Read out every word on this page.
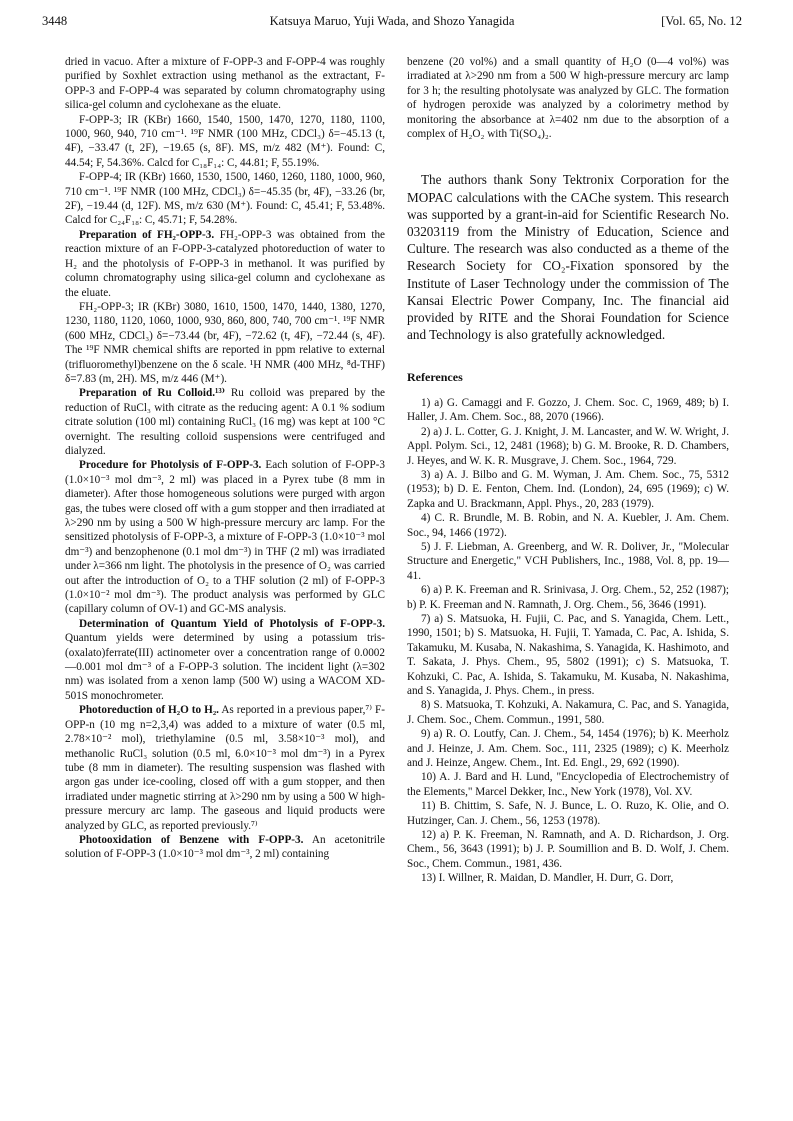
3448	Katsuya Maruo, Yuji Wada, and Shozo Yanagida	[Vol. 65, No. 12

dried in vacuo. After a mixture of F-OPP-3 and F-OPP-4 was roughly purified by Soxhlet extraction using methanol as the extractant, F-OPP-3 and F-OPP-4 was separated by column chromatography using silica-gel column and cyclohexane as the eluate.

F-OPP-3; IR (KBr) 1660, 1540, 1500, 1470, 1270, 1180, 1100, 1000, 960, 940, 710 cm⁻¹. ¹⁹F NMR (100 MHz, CDCl₃) δ=−45.13 (t, 4F), −33.47 (t, 2F), −19.65 (s, 8F). MS, m/z 482 (M⁺). Found: C, 44.54; F, 54.36%. Calcd for C₁₈F₁₄: C, 44.81; F, 55.19%.

F-OPP-4; IR (KBr) 1660, 1530, 1500, 1460, 1260, 1180, 1000, 960, 710 cm⁻¹. ¹⁹F NMR (100 MHz, CDCl₃) δ=−45.35 (br, 4F), −33.26 (br, 2F), −19.44 (d, 12F). MS, m/z 630 (M⁺). Found: C, 45.41; F, 53.48%. Calcd for C₂₄F₁₈: C, 45.71; F, 54.28%.

Preparation of FH₂-OPP-3. FH₂-OPP-3 was obtained from the reaction mixture of an F-OPP-3-catalyzed photoreduction of water to H₂ and the photolysis of F-OPP-3 in methanol. It was purified by column chromatography using silica-gel column and cyclohexane as the eluate.

FH₂-OPP-3; IR (KBr) 3080, 1610, 1500, 1470, 1440, 1380, 1270, 1230, 1180, 1120, 1060, 1000, 930, 860, 800, 740, 700 cm⁻¹. ¹⁹F NMR (600 MHz, CDCl₃) δ=−73.44 (br, 4F), −72.62 (t, 4F), −72.44 (s, 4F). The ¹⁹F NMR chemical shifts are reported in ppm relative to external (trifluoromethyl)benzene on the δ scale. ¹H NMR (400 MHz, ⁸d-THF) δ=7.83 (m, 2H). MS, m/z 446 (M⁺).

Preparation of Ru Colloid.¹³⁾ Ru colloid was prepared by the reduction of RuCl₃ with citrate as the reducing agent: A 0.1 % sodium citrate solution (100 ml) containing RuCl₃ (16 mg) was kept at 100 °C overnight. The resulting colloid suspensions were centrifuged and dialyzed.

Procedure for Photolysis of F-OPP-3. Each solution of F-OPP-3 (1.0×10⁻³ mol dm⁻³, 2 ml) was placed in a Pyrex tube (8 mm in diameter). After those homogeneous solutions were purged with argon gas, the tubes were closed off with a gum stopper and then irradiated at λ>290 nm by using a 500 W high-pressure mercury arc lamp. For the sensitized photolysis of F-OPP-3, a mixture of F-OPP-3 (1.0×10⁻³ mol dm⁻³) and benzophenone (0.1 mol dm⁻³) in THF (2 ml) was irradiated under λ=366 nm light. The photolysis in the presence of O₂ was carried out after the introduction of O₂ to a THF solution (2 ml) of F-OPP-3 (1.0×10⁻² mol dm⁻³). The product analysis was performed by GLC (capillary column of OV-1) and GC-MS analysis.

Determination of Quantum Yield of Photolysis of F-OPP-3. Quantum yields were determined by using a potassium tris-(oxalato)ferrate(III) actinometer over a concentration range of 0.0002—0.001 mol dm⁻³ of a F-OPP-3 solution. The incident light (λ=302 nm) was isolated from a xenon lamp (500 W) using a WACOM XD-501S monochrometer.

Photoreduction of H₂O to H₂. As reported in a previous paper,⁷⁾ F-OPP-n (10 mg n=2,3,4) was added to a mixture of water (0.5 ml, 2.78×10⁻² mol), triethylamine (0.5 ml, 3.58×10⁻³ mol), and methanolic RuCl₃ solution (0.5 ml, 6.0×10⁻³ mol dm⁻³) in a Pyrex tube (8 mm in diameter). The resulting suspension was flashed with argon gas under ice-cooling, closed off with a gum stopper, and then irradiated under magnetic stirring at λ>290 nm by using a 500 W high-pressure mercury arc lamp. The gaseous and liquid products were analyzed by GLC, as reported previously.⁷⁾

Photooxidation of Benzene with F-OPP-3. An acetonitrile solution of F-OPP-3 (1.0×10⁻³ mol dm⁻³, 2 ml) containing

benzene (20 vol%) and a small quantity of H₂O (0—4 vol%) was irradiated at λ>290 nm from a 500 W high-pressure mercury arc lamp for 3 h; the resulting photolysate was analyzed by GLC. The formation of hydrogen peroxide was analyzed by a colorimetry method by monitoring the absorbance at λ=402 nm due to the absorption of a complex of H₂O₂ with Ti(SO₄)₂.

The authors thank Sony Tektronix Corporation for the MOPAC calculations with the CAChe system. This research was supported by a grant-in-aid for Scientific Research No. 03203119 from the Ministry of Education, Science and Culture. The research was also conducted as a theme of the Research Society for CO₂-Fixation sponsored by the Institute of Laser Technology under the commission of The Kansai Electric Power Company, Inc. The financial aid provided by RITE and the Shorai Foundation for Science and Technology is also gratefully acknowledged.

References

1) a) G. Camaggi and F. Gozzo, J. Chem. Soc. C, 1969, 489; b) I. Haller, J. Am. Chem. Soc., 88, 2070 (1966).

2) a) J. L. Cotter, G. J. Knight, J. M. Lancaster, and W. W. Wright, J. Appl. Polym. Sci., 12, 2481 (1968); b) G. M. Brooke, R. D. Chambers, J. Heyes, and W. K. R. Musgrave, J. Chem. Soc., 1964, 729.

3) a) A. J. Bilbo and G. M. Wyman, J. Am. Chem. Soc., 75, 5312 (1953); b) D. E. Fenton, Chem. Ind. (London), 24, 695 (1969); c) W. Zapka and U. Brackmann, Appl. Phys., 20, 283 (1979).

4) C. R. Brundle, M. B. Robin, and N. A. Kuebler, J. Am. Chem. Soc., 94, 1466 (1972).

5) J. F. Liebman, A. Greenberg, and W. R. Doliver, Jr., "Molecular Structure and Energetic," VCH Publishers, Inc., 1988, Vol. 8, pp. 19—41.

6) a) P. K. Freeman and R. Srinivasa, J. Org. Chem., 52, 252 (1987); b) P. K. Freeman and N. Ramnath, J. Org. Chem., 56, 3646 (1991).

7) a) S. Matsuoka, H. Fujii, C. Pac, and S. Yanagida, Chem. Lett., 1990, 1501; b) S. Matsuoka, H. Fujii, T. Yamada, C. Pac, A. Ishida, S. Takamuku, M. Kusaba, N. Nakashima, S. Yanagida, K. Hashimoto, and T. Sakata, J. Phys. Chem., 95, 5802 (1991); c) S. Matsuoka, T. Kohzuki, C. Pac, A. Ishida, S. Takamuku, M. Kusaba, N. Nakashima, and S. Yanagida, J. Phys. Chem., in press.

8) S. Matsuoka, T. Kohzuki, A. Nakamura, C. Pac, and S. Yanagida, J. Chem. Soc., Chem. Commun., 1991, 580.

9) a) R. O. Loutfy, Can. J. Chem., 54, 1454 (1976); b) K. Meerholz and J. Heinze, J. Am. Chem. Soc., 111, 2325 (1989); c) K. Meerholz and J. Heinze, Angew. Chem., Int. Ed. Engl., 29, 692 (1990).

10) A. J. Bard and H. Lund, "Encyclopedia of Electrochemistry of the Elements," Marcel Dekker, Inc., New York (1978), Vol. XV.

11) B. Chittim, S. Safe, N. J. Bunce, L. O. Ruzo, K. Olie, and O. Hutzinger, Can. J. Chem., 56, 1253 (1978).

12) a) P. K. Freeman, N. Ramnath, and A. D. Richardson, J. Org. Chem., 56, 3643 (1991); b) J. P. Soumillion and B. D. Wolf, J. Chem. Soc., Chem. Commun., 1981, 436.

13) I. Willner, R. Maidan, D. Mandler, H. Durr, G. Dorr,
